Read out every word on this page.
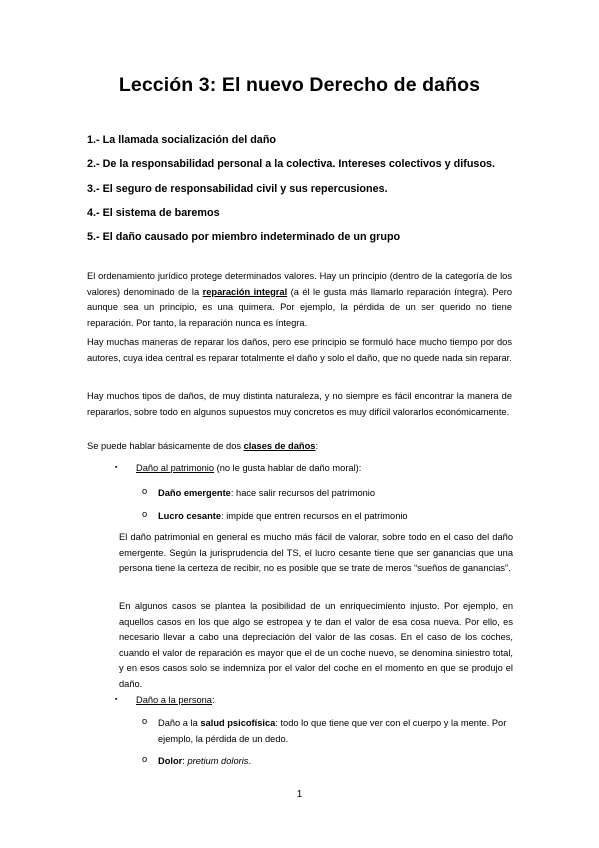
Lección 3: El nuevo Derecho de daños
1.- La llamada socialización del daño
2.- De la responsabilidad personal a la colectiva. Intereses colectivos y difusos.
3.- El seguro de responsabilidad civil y sus repercusiones.
4.- El sistema de baremos
5.- El daño causado por miembro indeterminado de un grupo

El ordenamiento jurídico protege determinados valores. Hay un principio (dentro de la categoría de los valores) denominado de la reparación integral (a él le gusta más llamarlo reparación íntegra). Pero aunque sea un principio, es una quimera. Por ejemplo, la pérdida de un ser querido no tiene reparación. Por tanto, la reparación nunca es íntegra.

Hay muchas maneras de reparar los daños, pero ese principio se formuló hace mucho tiempo por dos autores, cuya idea central es reparar totalmente el daño y solo el daño, que no quede nada sin reparar.

Hay muchos tipos de daños, de muy distinta naturaleza, y no siempre es fácil encontrar la manera de repararlos, sobre todo en algunos supuestos muy concretos es muy difícil valorarlos económicamente.

Se puede hablar básicamente de dos clases de daños:

▪ Daño al patrimonio (no le gusta hablar de daño moral):
o Daño emergente: hace salir recursos del patrimonio
o Lucro cesante: impide que entren recursos en el patrimonio

El daño patrimonial en general es mucho más fácil de valorar, sobre todo en el caso del daño emergente. Según la jurisprudencia del TS, el lucro cesante tiene que ser ganancias que una persona tiene la certeza de recibir, no es posible que se trate de meros “sueños de ganancias”.

En algunos casos se plantea la posibilidad de un enriquecimiento injusto. Por ejemplo, en aquellos casos en los que algo se estropea y te dan el valor de esa cosa nueva. Por ello, es necesario llevar a cabo una depreciación del valor de las cosas. En el caso de los coches, cuando el valor de reparación es mayor que el de un coche nuevo, se denomina siniestro total, y en esos casos solo se indemniza por el valor del coche en el momento en que se produjo el daño.

▪ Daño a la persona:
o Daño a la salud psicofísica: todo lo que tiene que ver con el cuerpo y la mente. Por ejemplo, la pérdida de un dedo.
o Dolor: pretium doloris.
1
